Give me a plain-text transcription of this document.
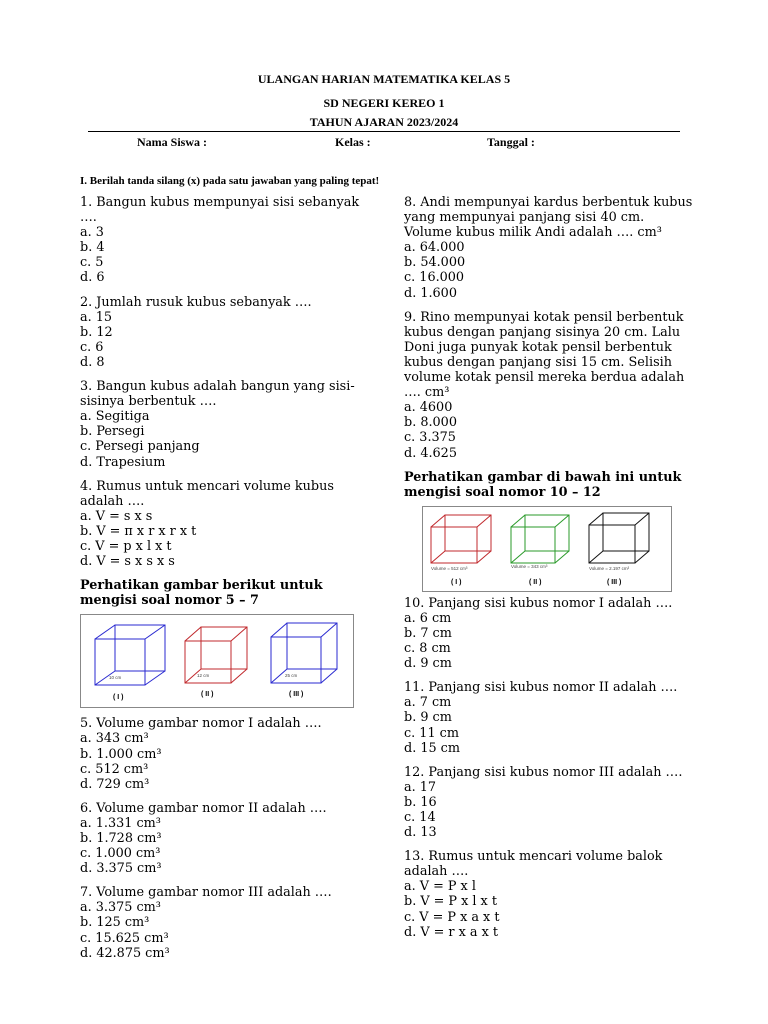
ULANGAN HARIAN MATEMATIKA KELAS 5
SD NEGERI KEREO 1
TAHUN AJARAN 2023/2024
Nama Siswa :	Kelas :	Tanggal :
I. Berilah tanda silang (x) pada satu jawaban yang paling tepat!
1. Bangun kubus mempunyai sisi sebanyak ….
a. 3
b. 4
c. 5
d. 6
2. Jumlah rusuk kubus sebanyak ….
a. 15
b. 12
c. 6
d. 8
3. Bangun kubus adalah bangun yang sisi-sisinya berbentuk ….
a. Segitiga
b. Persegi
c. Persegi panjang
d. Trapesium
4. Rumus untuk mencari volume kubus adalah ….
a. V = s x s
b. V = π x r x r x t
c. V = p x l x t
d. V = s x s x s
Perhatikan gambar berikut untuk mengisi soal nomor 5 – 7
10 cm	12 cm	25 cm
( I )	( II )	( III )
5. Volume gambar nomor I adalah ….
a. 343 cm³
b. 1.000 cm³
c. 512 cm³
d. 729 cm³
6. Volume gambar nomor II adalah ….
a. 1.331 cm³
b. 1.728 cm³
c. 1.000 cm³
d. 3.375 cm³
7. Volume gambar nomor III adalah ….
a. 3.375 cm³
b. 125 cm³
c. 15.625 cm³
d. 42.875 cm³
8. Andi mempunyai kardus berbentuk kubus yang mempunyai panjang sisi 40 cm. Volume kubus milik Andi adalah …. cm³
a. 64.000
b. 54.000
c. 16.000
d. 1.600
9. Rino mempunyai kotak pensil berbentuk kubus dengan panjang sisinya 20 cm. Lalu Doni juga punyak kotak pensil berbentuk kubus dengan panjang sisi 15 cm. Selisih volume kotak pensil mereka berdua adalah …. cm³
a. 4600
b. 8.000
c. 3.375
d. 4.625
Perhatikan gambar di bawah ini untuk mengisi soal nomor 10 – 12
Volume = 512 cm³	Volume = 343 cm³	Volume = 2.197 cm³
( I )	( II )	( III )
10. Panjang sisi kubus nomor I adalah ….
a. 6 cm
b. 7 cm
c. 8 cm
d. 9 cm
11. Panjang sisi kubus nomor II adalah ….
a. 7 cm
b. 9 cm
c. 11 cm
d. 15 cm
12. Panjang sisi kubus nomor III adalah ….
a. 17
b. 16
c. 14
d. 13
13. Rumus untuk mencari volume balok adalah ….
a. V = P x l
b. V = P x l x t
c. V = P x a x t
d. V = r x a x t
